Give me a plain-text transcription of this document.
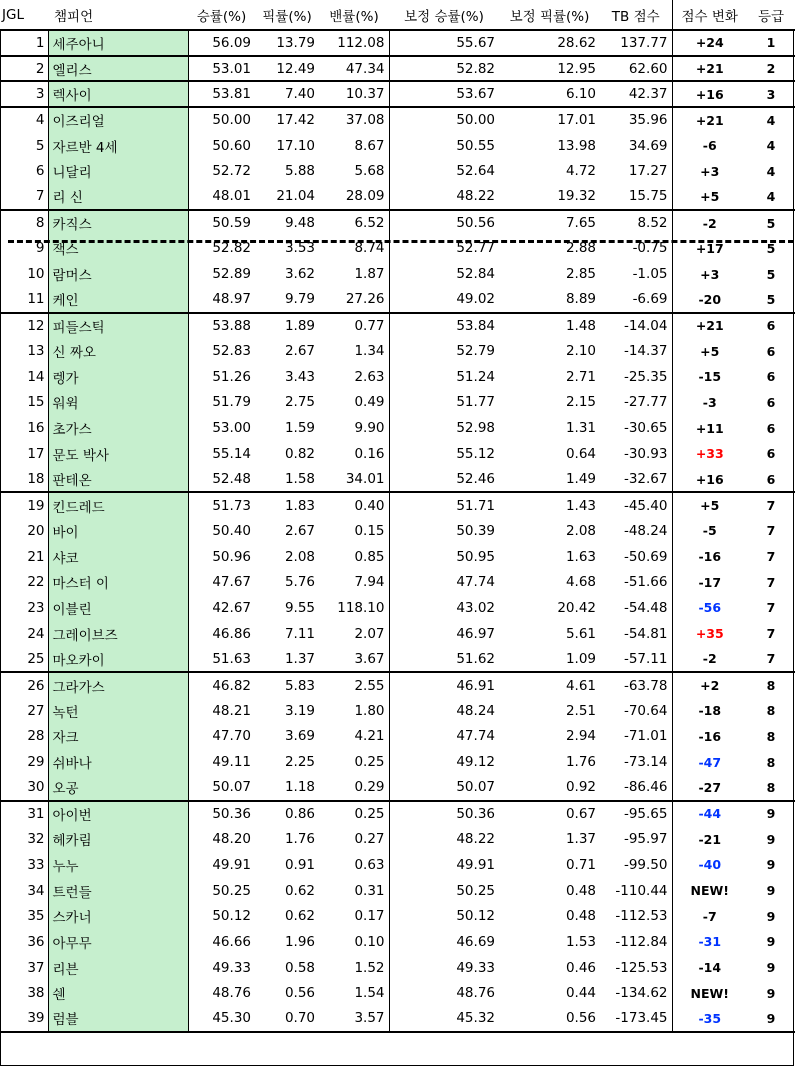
JGL	챔피언	승률(%)	픽률(%)	밴률(%)	보정 승률(%)	보정 픽률(%)	TB 점수	점수 변화	등급
1	세주아니	56.09	13.79	112.08	55.67	28.62	137.77	+24	1
2	엘리스	53.01	12.49	47.34	52.82	12.95	62.60	+21	2
3	렉사이	53.81	7.40	10.37	53.67	6.10	42.37	+16	3
4	이즈리얼	50.00	17.42	37.08	50.00	17.01	35.96	+21	4
5	자르반 4세	50.60	17.10	8.67	50.55	13.98	34.69	-6	4
6	니달리	52.72	5.88	5.68	52.64	4.72	17.27	+3	4
7	리 신	48.01	21.04	28.09	48.22	19.32	15.75	+5	4
8	카직스	50.59	9.48	6.52	50.56	7.65	8.52	-2	5
9	잭스	52.82	3.53	8.74	52.77	2.88	-0.75	+17	5
10	람머스	52.89	3.62	1.87	52.84	2.85	-1.05	+3	5
11	케인	48.97	9.79	27.26	49.02	8.89	-6.69	-20	5
12	피들스틱	53.88	1.89	0.77	53.84	1.48	-14.04	+21	6
13	신 짜오	52.83	2.67	1.34	52.79	2.10	-14.37	+5	6
14	렝가	51.26	3.43	2.63	51.24	2.71	-25.35	-15	6
15	워윅	51.79	2.75	0.49	51.77	2.15	-27.77	-3	6
16	초가스	53.00	1.59	9.90	52.98	1.31	-30.65	+11	6
17	문도 박사	55.14	0.82	0.16	55.12	0.64	-30.93	+33	6
18	판테온	52.48	1.58	34.01	52.46	1.49	-32.67	+16	6
19	킨드레드	51.73	1.83	0.40	51.71	1.43	-45.40	+5	7
20	바이	50.40	2.67	0.15	50.39	2.08	-48.24	-5	7
21	샤코	50.96	2.08	0.85	50.95	1.63	-50.69	-16	7
22	마스터 이	47.67	5.76	7.94	47.74	4.68	-51.66	-17	7
23	이블린	42.67	9.55	118.10	43.02	20.42	-54.48	-56	7
24	그레이브즈	46.86	7.11	2.07	46.97	5.61	-54.81	+35	7
25	마오카이	51.63	1.37	3.67	51.62	1.09	-57.11	-2	7
26	그라가스	46.82	5.83	2.55	46.91	4.61	-63.78	+2	8
27	녹턴	48.21	3.19	1.80	48.24	2.51	-70.64	-18	8
28	자크	47.70	3.69	4.21	47.74	2.94	-71.01	-16	8
29	쉬바나	49.11	2.25	0.25	49.12	1.76	-73.14	-47	8
30	오공	50.07	1.18	0.29	50.07	0.92	-86.46	-27	8
31	아이번	50.36	0.86	0.25	50.36	0.67	-95.65	-44	9
32	헤카림	48.20	1.76	0.27	48.22	1.37	-95.97	-21	9
33	누누	49.91	0.91	0.63	49.91	0.71	-99.50	-40	9
34	트런들	50.25	0.62	0.31	50.25	0.48	-110.44	NEW!	9
35	스카너	50.12	0.62	0.17	50.12	0.48	-112.53	-7	9
36	아무무	46.66	1.96	0.10	46.69	1.53	-112.84	-31	9
37	리븐	49.33	0.58	1.52	49.33	0.46	-125.53	-14	9
38	쉔	48.76	0.56	1.54	48.76	0.44	-134.62	NEW!	9
39	럼블	45.30	0.70	3.57	45.32	0.56	-173.45	-35	9
